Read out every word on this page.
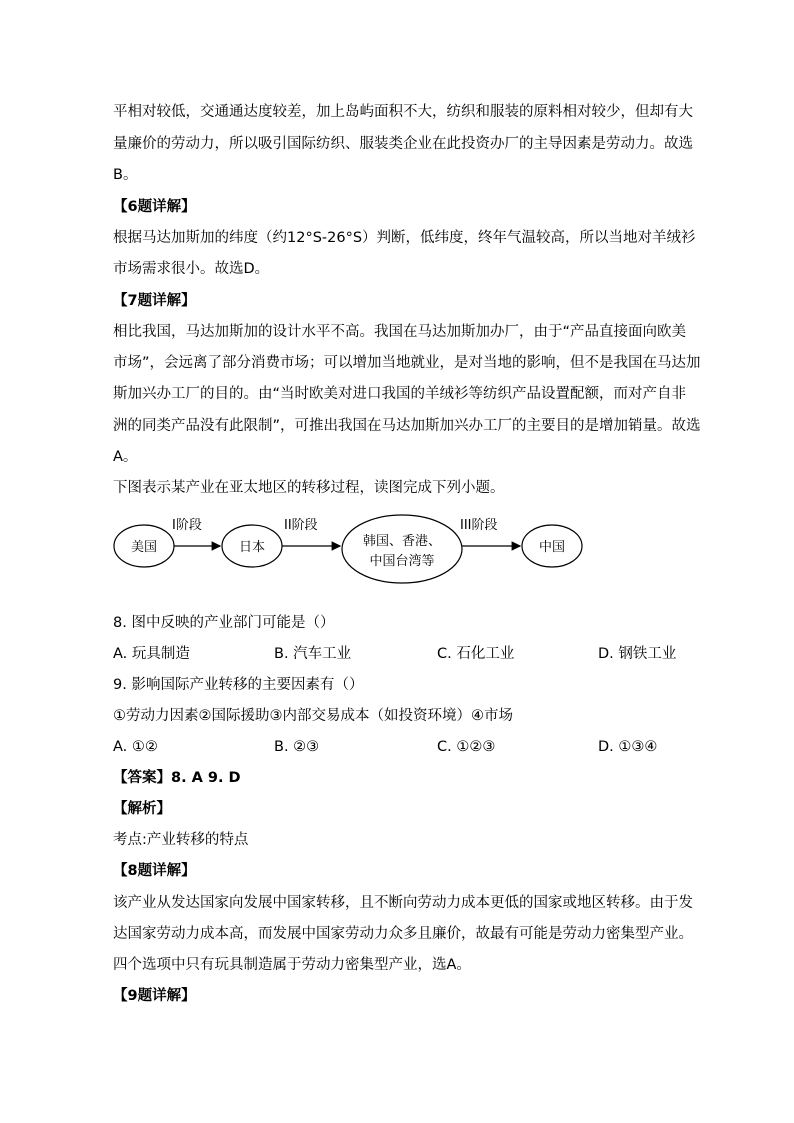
平相对较低，交通通达度较差，加上岛屿面积不大，纺织和服装的原料相对较少，但却有大
量廉价的劳动力，所以吸引国际纺织、服装类企业在此投资办厂的主导因素是劳动力。故选
B。
【6题详解】
根据马达加斯加的纬度（约12°S-26°S）判断，低纬度，终年气温较高，所以当地对羊绒衫
市场需求很小。故选D。
【7题详解】
相比我国，马达加斯加的设计水平不高。我国在马达加斯加办厂，由于“产品直接面向欧美
市场”，会远离了部分消费市场；可以增加当地就业，是对当地的影响，但不是我国在马达加
斯加兴办工厂的目的。由“当时欧美对进口我国的羊绒衫等纺织产品设置配额，而对产自非
洲的同类产品没有此限制”，可推出我国在马达加斯加兴办工厂的主要目的是增加销量。故选
A。
下图表示某产业在亚太地区的转移过程，读图完成下列小题。
美国
I阶段
日本
II阶段
韩国、香港、
中国台湾等
III阶段
中国
8. 图中反映的产业部门可能是（）
A. 玩具制造	B. 汽车工业	C. 石化工业	D. 钢铁工业
9. 影响国际产业转移的主要因素有（）
①劳动力因素②国际援助③内部交易成本（如投资环境）④市场
A. ①②	B. ②③	C. ①②③	D. ①③④
【答案】8. A 9. D
【解析】
考点:产业转移的特点
【8题详解】
该产业从发达国家向发展中国家转移，且不断向劳动力成本更低的国家或地区转移。由于发
达国家劳动力成本高，而发展中国家劳动力众多且廉价，故最有可能是劳动力密集型产业。
四个选项中只有玩具制造属于劳动力密集型产业，选A。
【9题详解】
